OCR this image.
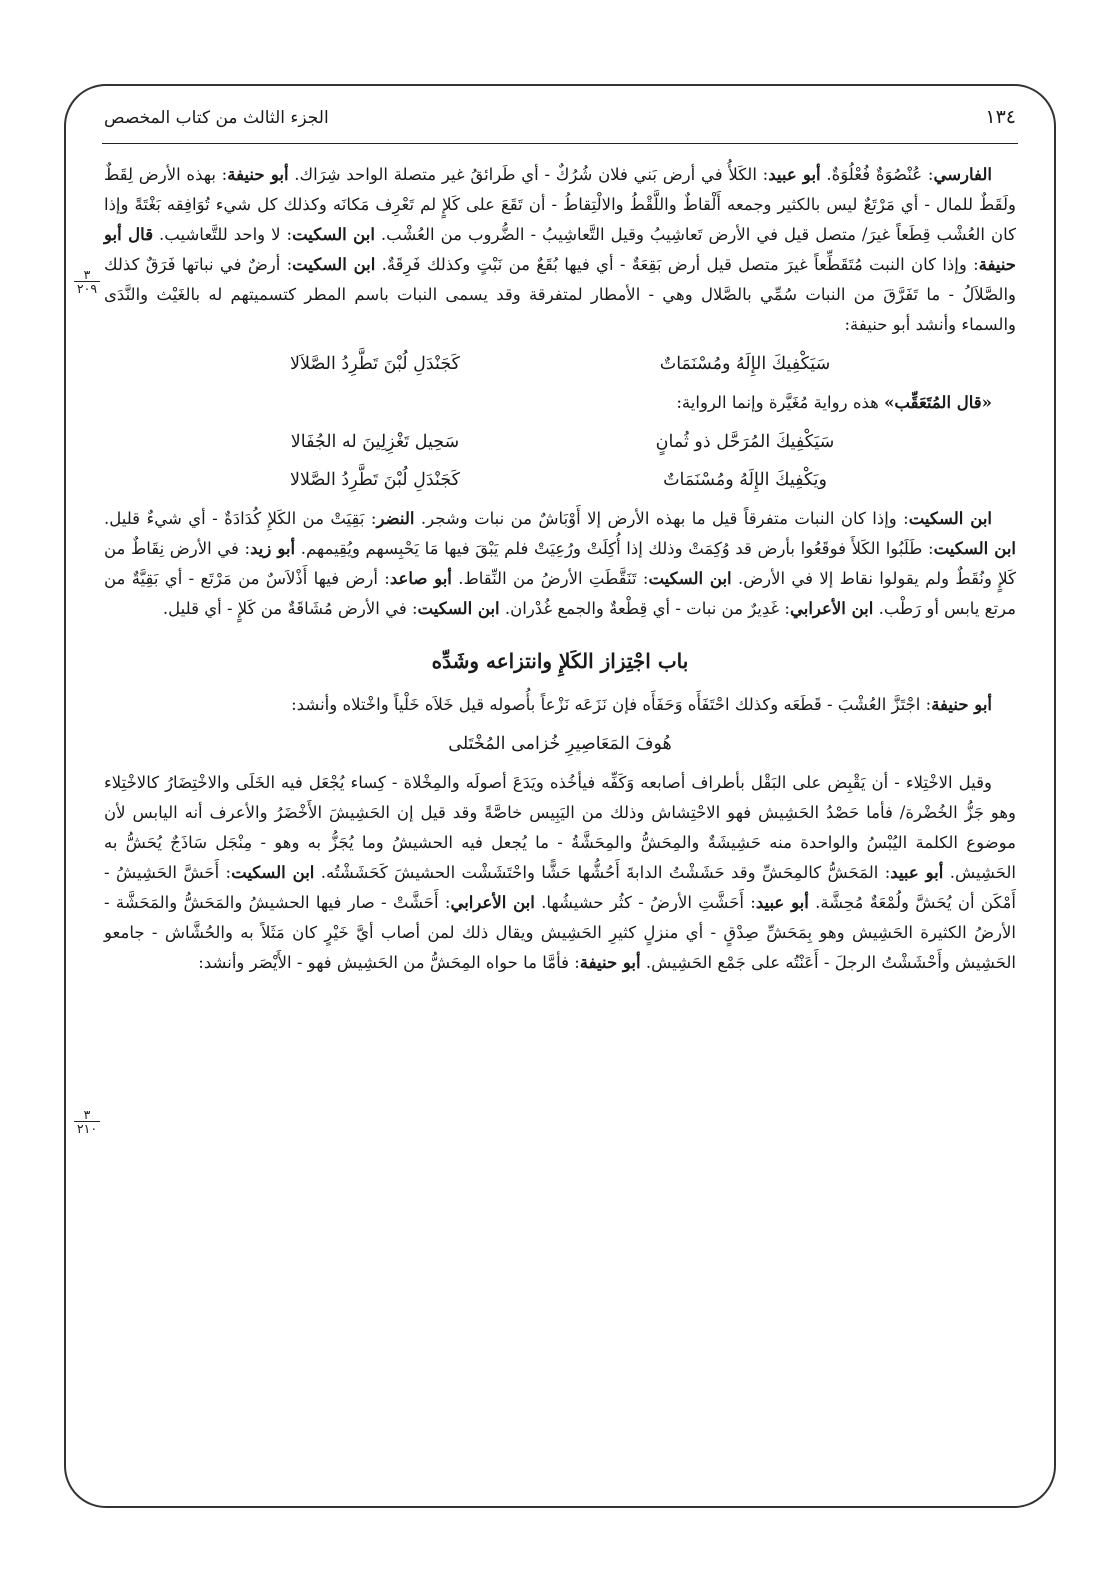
١٣٤
الجزء الثالث من كتاب المخصص
٣
٢٠٩
٣
٢١٠

الفارسي: عُنْصُوَةٌ فُعْلُوَةٌ. أبو عبيد: الكَلأُ في أرض بَني فلان شُرُكٌ - أي طَرائقُ غير متصلة الواحد شِرَاك. أبو حنيفة: بهذه الأرض لِقَطٌ ولَقَطٌ للمال - أي مَرْتَعٌ ليس بالكثير وجمعه أَلْقاطٌ واللَّقْطُ والالْتِقاطُ - أن تَقَعَ على كَلإٍ لم تَعْرِف مَكانَه وكذلك كل شيء تُوَافِقه بَغْتَةً وإذا كان العُشْب قِطَعاً غيرَ/ متصل قيل في الأرض تَعاشِيبُ وقيل التَّعاشِيبُ - الضُّروب من العُشْب. ابن السكيت: لا واحد للتَّعاشيب. قال أبو حنيفة: وإذا كان النبت مُتَقَطِّعاً غيرَ متصل قيل أرض بَقِعَةٌ - أي فيها بُقَعٌ من نَبْتٍ وكذلك فَرِقَةٌ. ابن السكيت: أرضٌ في نباتها فَرَقٌ كذلك والصَّلاَلُ - ما تَفَرَّقَ من النبات سُمِّي بالصَّلال وهي - الأمطار لمتفرقة وقد يسمى النبات باسم المطر كتسميتهم له بالغَيْث والنَّدَى والسماء وأنشد أبو حنيفة:

سَيَكْفِيكَ الإِلَهُ ومُسْنَمَاتٌ
كَجَنْدَلِ لُبْنَ تَطَّرِدُ الصَّلاَلا

«قال المُتَعَقِّب» هذه رواية مُغَيَّرة وإنما الرواية:

سَيَكْفِيكَ المُرَحَّل ذو ثُمانٍ
سَحِيل تَغْزِلِينَ له الجُفَالا
ويَكْفِيكَ الإِلَهُ ومُسْنَمَاتٌ
كَجَنْدَلِ لُبْنَ تَطَّرِدُ الصَّلالا

ابن السكيت: وإذا كان النبات متفرقاً قيل ما بهذه الأرض إلا أَوْبَاشٌ من نبات وشجر. النضر: بَقِيَتْ من الكَلإِ كُدَادَةٌ - أي شيءٌ قليل. ابن السكيت: طَلَبُوا الكَلأَ فوقَعُوا بأرض قد وُكِمَتْ وذلك إذا أُكِلَتْ ورُعِيَتْ فلم يَبْقَ فيها مَا يَحْبِسهم ويُقِيمهم. أبو زيد: في الأرض نِقَاطٌ من كَلإٍ ونُقَطٌ ولم يقولوا نقاط إلا في الأرض. ابن السكيت: تَنَقَّطَتِ الأرضُ من النِّقاط. أبو صاعد: أرض فيها أَذْلاَسٌ من مَرْتَع - أي بَقِيَّةٌ من مرتع يابس أو رَطْب. ابن الأعرابي: غَدِيرٌ من نبات - أي قِطْعةٌ والجمع غُدْران. ابن السكيت: في الأرض مُشَاقَةٌ من كَلإٍ - أي قليل.

باب اجْتِزاز الكَلإِ وانتزاعه وشَدِّه

أبو حنيفة: اجْتَزَّ العُشْبَ - قَطَعَه وكذلك احْتَفَأَه وَحَفَأَه فإن نَزَعَه نَزْعاً بأُصوله قيل خَلاَه خَلْياً واخْتلاه وأنشد:

هُوفَ المَعَاصِيرِ خُزامى المُخْتَلى

وقيل الاخْتِلاء - أن يَقْبِض على البَقْل بأطراف أصابعه وَكَفِّه فيأخُذه ويَدَعَ أصولَه والمِخْلاة - كِساء يُجْعَل فيه الخَلَى والاخْتِضَارُ كالاخْتِلاء وهو جَزُّ الخُضْرة/ فأما حَصْدُ الحَشِيش فهو الاحْتِشاش وذلك من اليَبِيس خاصَّةً وقد قيل إن الحَشِيشَ الأَخْضَرُ والأعرف أنه اليابس لأن موضوع الكلمة اليُبْسُ والواحدة منه حَشِيشَةٌ والمِحَشُّ والمِحَشَّةُ - ما يُجعل فيه الحشيشُ وما يُجَزُّ به وهو - مِنْجَل سَاذَجٌ يُحَشُّ به الحَشِيش. أبو عبيد: المَحَشُّ كالمِحَشِّ وقد حَشَشْتُ الدابةَ أَحُشُّها حَشًّا واحْتَشَشْت الحشيشَ كَحَشَشْتُه. ابن السكيت: أَحَشَّ الحَشِيشُ - أَمْكَن أن يُحَشَّ ولُمْعَةٌ مُحِشَّة. أبو عبيد: أَحَشَّتِ الأرضُ - كثُر حشيشُها. ابن الأعرابي: أَحَشَّتْ - صار فيها الحشيشُ والمَحَشُّ والمَحَشَّة - الأرضُ الكثيرة الحَشِيش وهو بِمَحَشِّ صِدْقٍ - أي منزلٍ كثيرِ الحَشِيش ويقال ذلك لمن أصاب أيَّ خَيْرٍ كان مَثَلاً به والحُشَّاش - جامعو الحَشِيش وأَحْشَشْتُ الرجلَ - أَعَنْتُه على جَمْع الحَشِيش. أبو حنيفة: فأمَّا ما حواه المِحَشُّ من الحَشِيش فهو - الأَيْصَر وأنشد:
